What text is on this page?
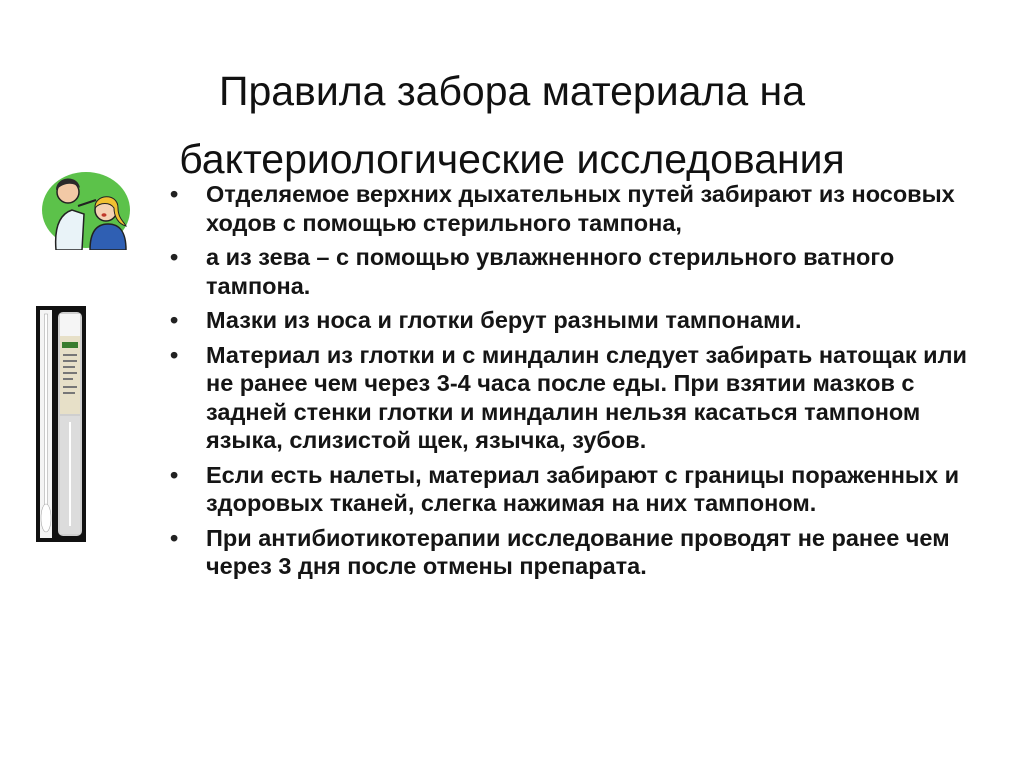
Правила забора материала на
бактериологические исследования
• Отделяемое верхних дыхательных путей забирают из носовых ходов с помощью стерильного тампона,
• а из зева – с помощью увлажненного стерильного ватного тампона.
• Мазки из носа и глотки берут разными тампонами.
• Материал из глотки и с миндалин следует забирать натощак или не ранее чем через 3-4 часа после еды. При взятии мазков с задней стенки глотки и миндалин нельзя касаться тампоном языка, слизистой щек, язычка, зубов.
• Если есть налеты, материал забирают с границы пораженных и здоровых тканей, слегка нажимая на них тампоном.
• При антибиотикотерапии исследование проводят не ранее чем через 3 дня после отмены препарата.
